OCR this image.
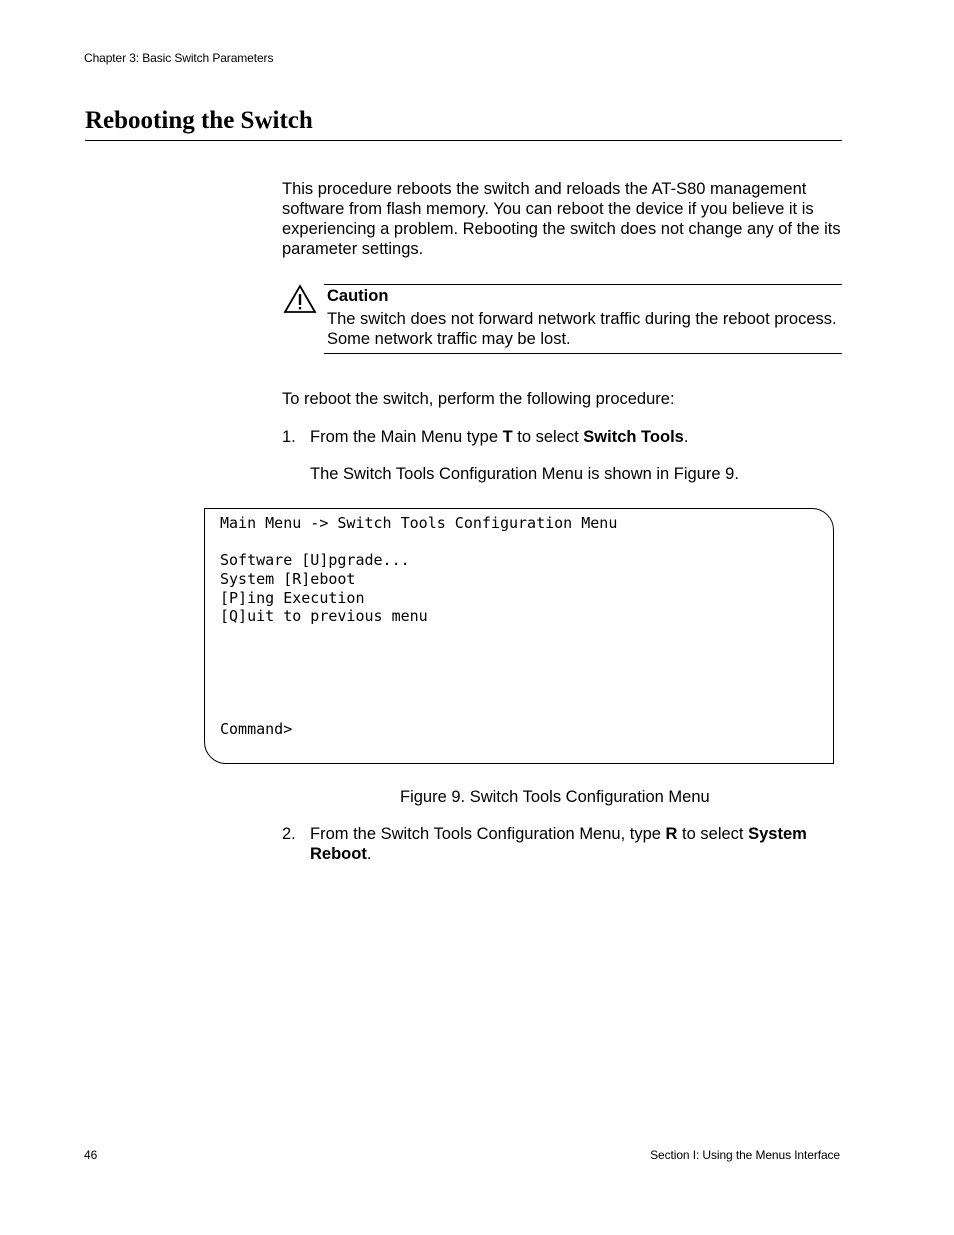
Chapter 3: Basic Switch Parameters
Rebooting the Switch

This procedure reboots the switch and reloads the AT-S80 management software from flash memory. You can reboot the device if you believe it is experiencing a problem. Rebooting the switch does not change any of the its parameter settings.

Caution
The switch does not forward network traffic during the reboot process. Some network traffic may be lost.

To reboot the switch, perform the following procedure:

1. From the Main Menu type T to select Switch Tools.
The Switch Tools Configuration Menu is shown in Figure 9.
Main Menu -> Switch Tools Configuration Menu
Software [U]pgrade...
System [R]eboot
[P]ing Execution
[Q]uit to previous menu
Command>
Figure 9. Switch Tools Configuration Menu
2. From the Switch Tools Configuration Menu, type R to select System Reboot.
46	Section I: Using the Menus Interface
